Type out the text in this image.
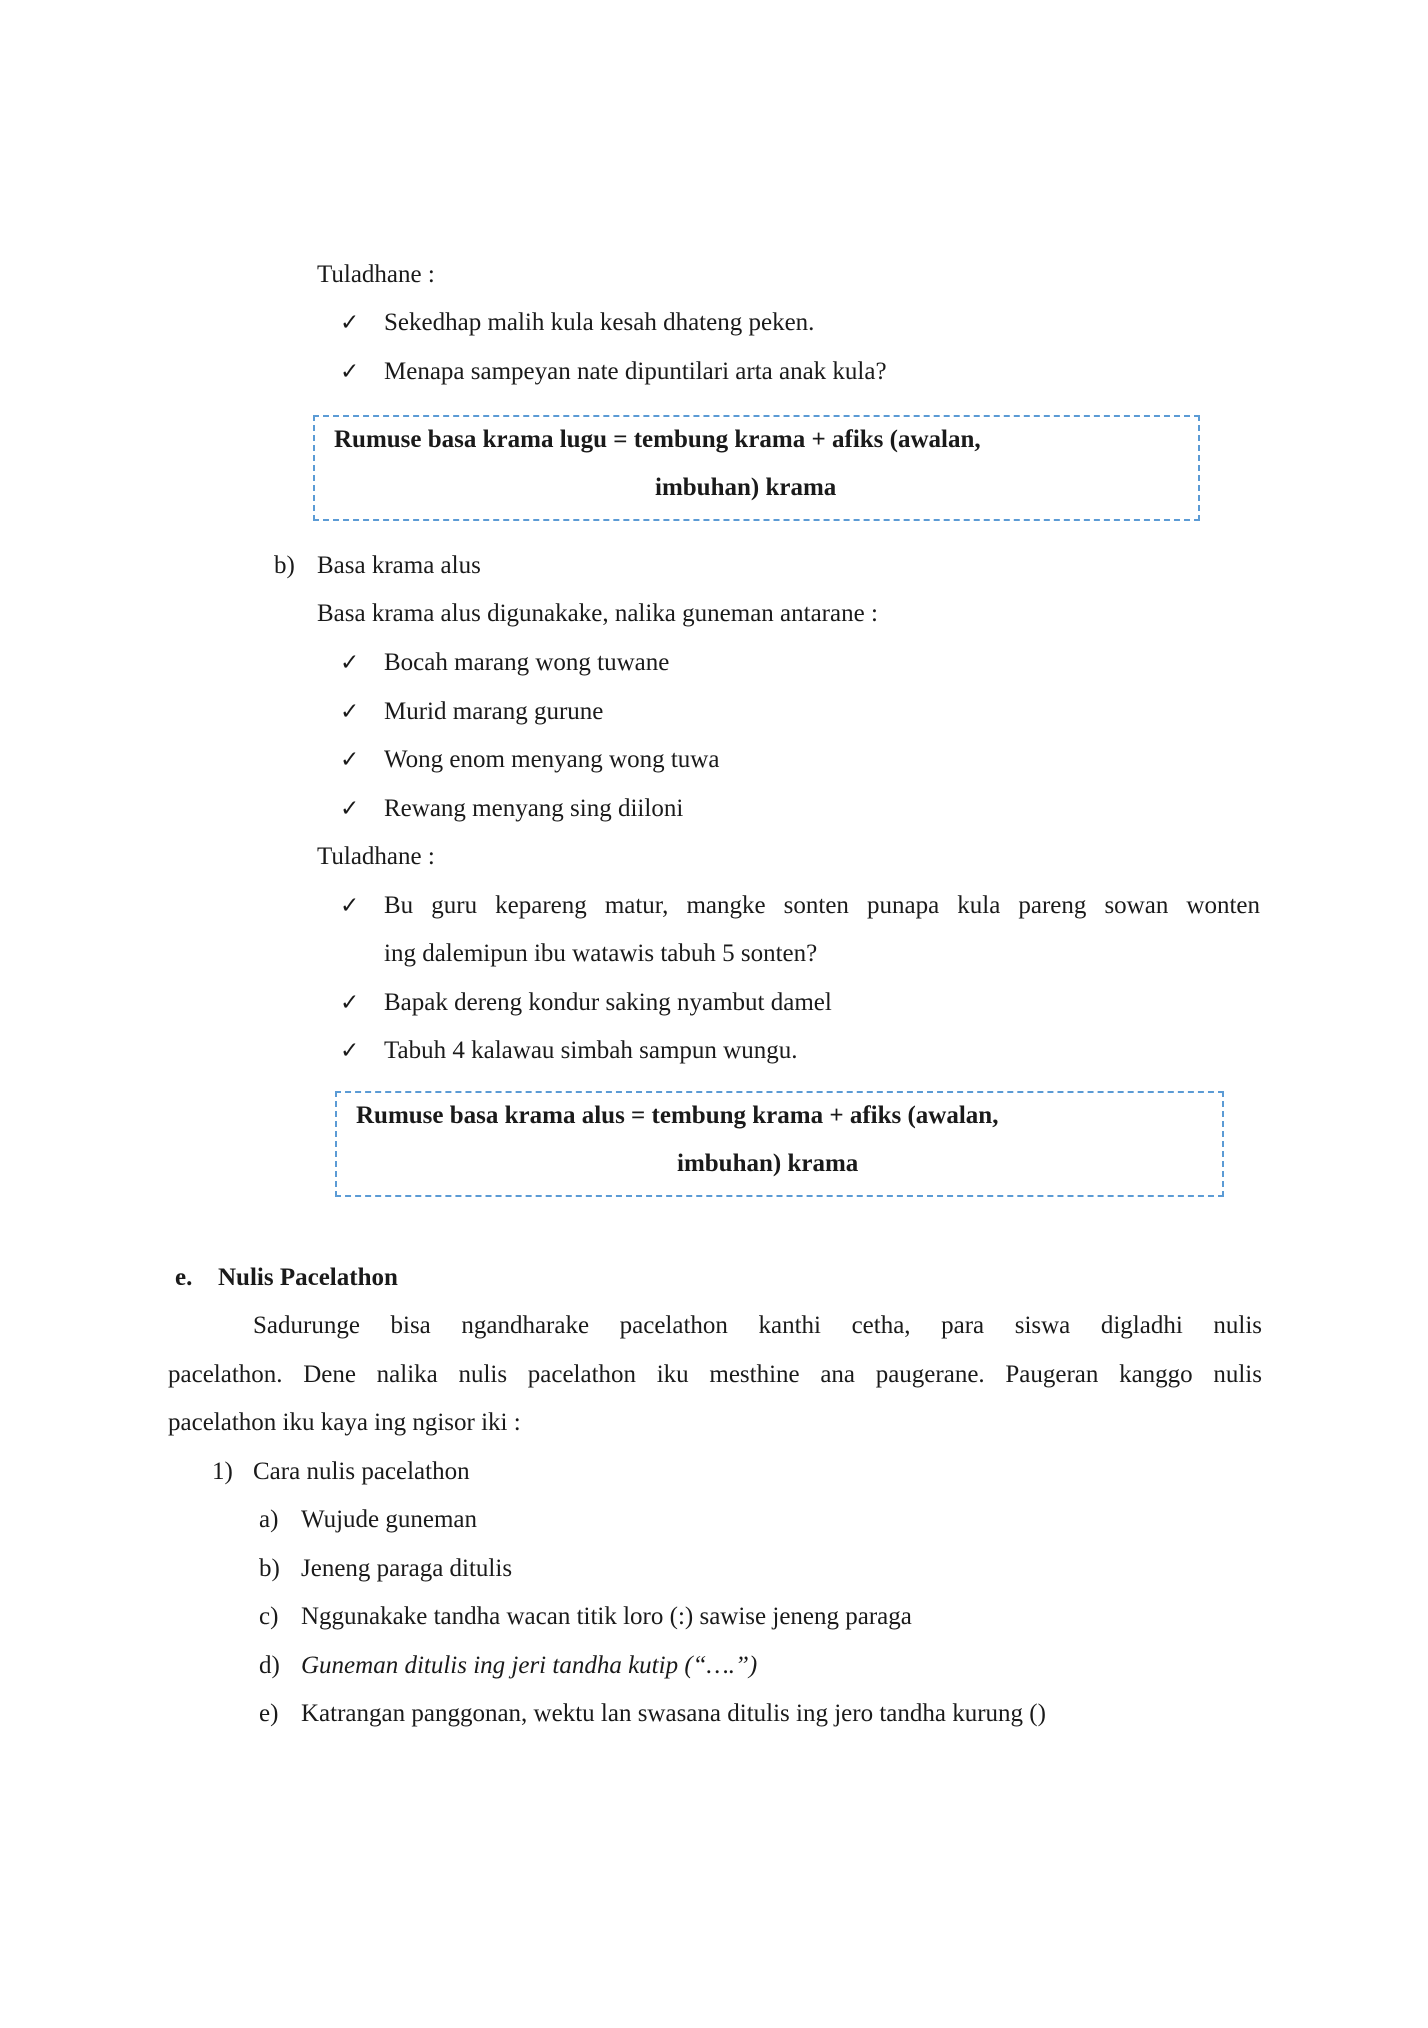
Tuladhane :
✓ Sekedhap malih kula kesah dhateng peken.
✓ Menapa sampeyan nate dipuntilari arta anak kula?
Rumuse basa krama lugu = tembung krama + afiks (awalan,
imbuhan) krama
b) Basa krama alus
Basa krama alus digunakake, nalika guneman antarane :
✓ Bocah marang wong tuwane
✓ Murid marang gurune
✓ Wong enom menyang wong tuwa
✓ Rewang menyang sing diiloni
Tuladhane :
✓ Bu guru kepareng matur, mangke sonten punapa kula pareng sowan wonten
ing dalemipun ibu watawis tabuh 5 sonten?
✓ Bapak dereng kondur saking nyambut damel
✓ Tabuh 4 kalawau simbah sampun wungu.
Rumuse basa krama alus = tembung krama + afiks (awalan,
imbuhan) krama
e. Nulis Pacelathon
Sadurunge bisa ngandharake pacelathon kanthi cetha, para siswa digladhi nulis
pacelathon. Dene nalika nulis pacelathon iku mesthine ana paugerane. Paugeran kanggo nulis
pacelathon iku kaya ing ngisor iki :
1) Cara nulis pacelathon
a) Wujude guneman
b) Jeneng paraga ditulis
c) Nggunakake tandha wacan titik loro (:) sawise jeneng paraga
d) Guneman ditulis ing jeri tandha kutip (“….”)
e) Katrangan panggonan, wektu lan swasana ditulis ing jero tandha kurung ()
